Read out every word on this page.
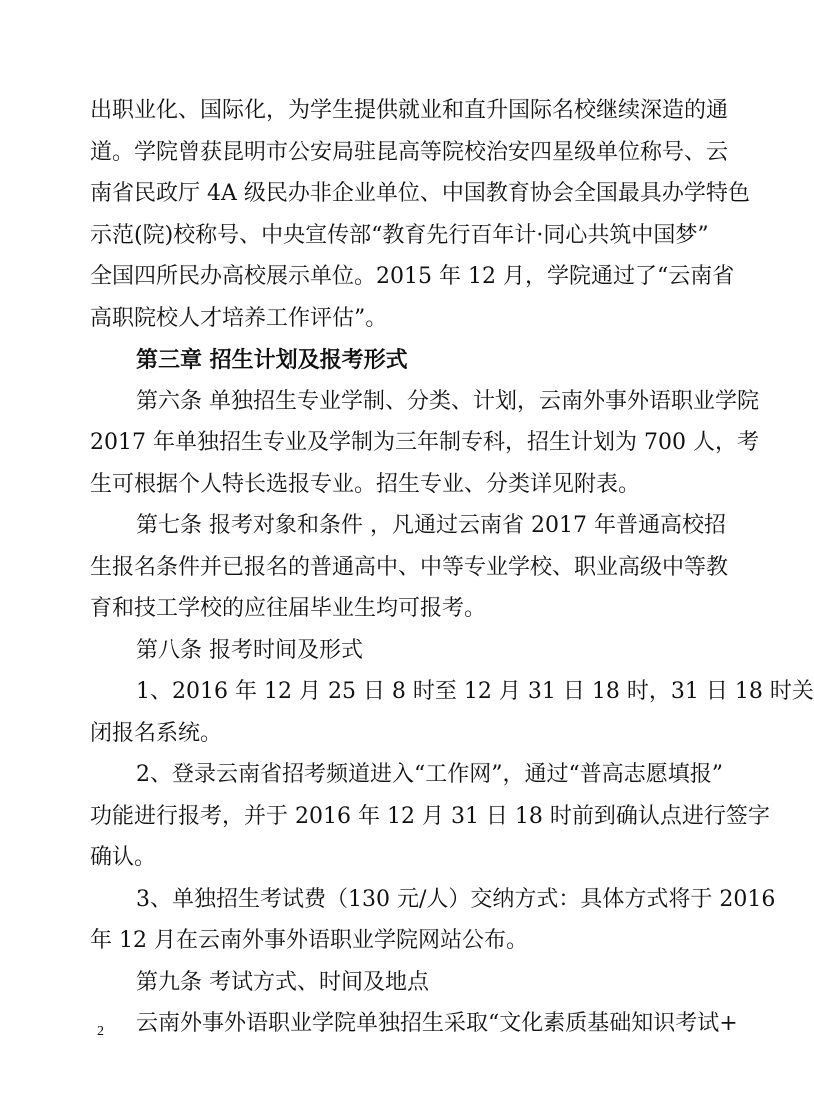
出职业化、国际化，为学生提供就业和直升国际名校继续深造的通
道。学院曾获昆明市公安局驻昆高等院校治安四星级单位称号、云
南省民政厅 4A 级民办非企业单位、中国教育协会全国最具办学特色
示范(院)校称号、中央宣传部“教育先行百年计·同心共筑中国梦”
全国四所民办高校展示单位。2015 年 12 月，学院通过了“云南省
高职院校人才培养工作评估”。
第三章 招生计划及报考形式
第六条 单独招生专业学制、分类、计划，云南外事外语职业学院
2017 年单独招生专业及学制为三年制专科，招生计划为 700 人，考
生可根据个人特长选报专业。招生专业、分类详见附表。
第七条 报考对象和条件 ，凡通过云南省 2017 年普通高校招
生报名条件并已报名的普通高中、中等专业学校、职业高级中等教
育和技工学校的应往届毕业生均可报考。
第八条 报考时间及形式
1、2016 年 12 月 25 日 8 时至 12 月 31 日 18 时，31 日 18 时关
闭报名系统。
2、登录云南省招考频道进入“工作网”，通过“普高志愿填报”
功能进行报考，并于 2016 年 12 月 31 日 18 时前到确认点进行签字
确认。
3、单独招生考试费（130 元/人）交纳方式：具体方式将于 2016
年 12 月在云南外事外语职业学院网站公布。
第九条 考试方式、时间及地点
云南外事外语职业学院单独招生采取“文化素质基础知识考试+
2
